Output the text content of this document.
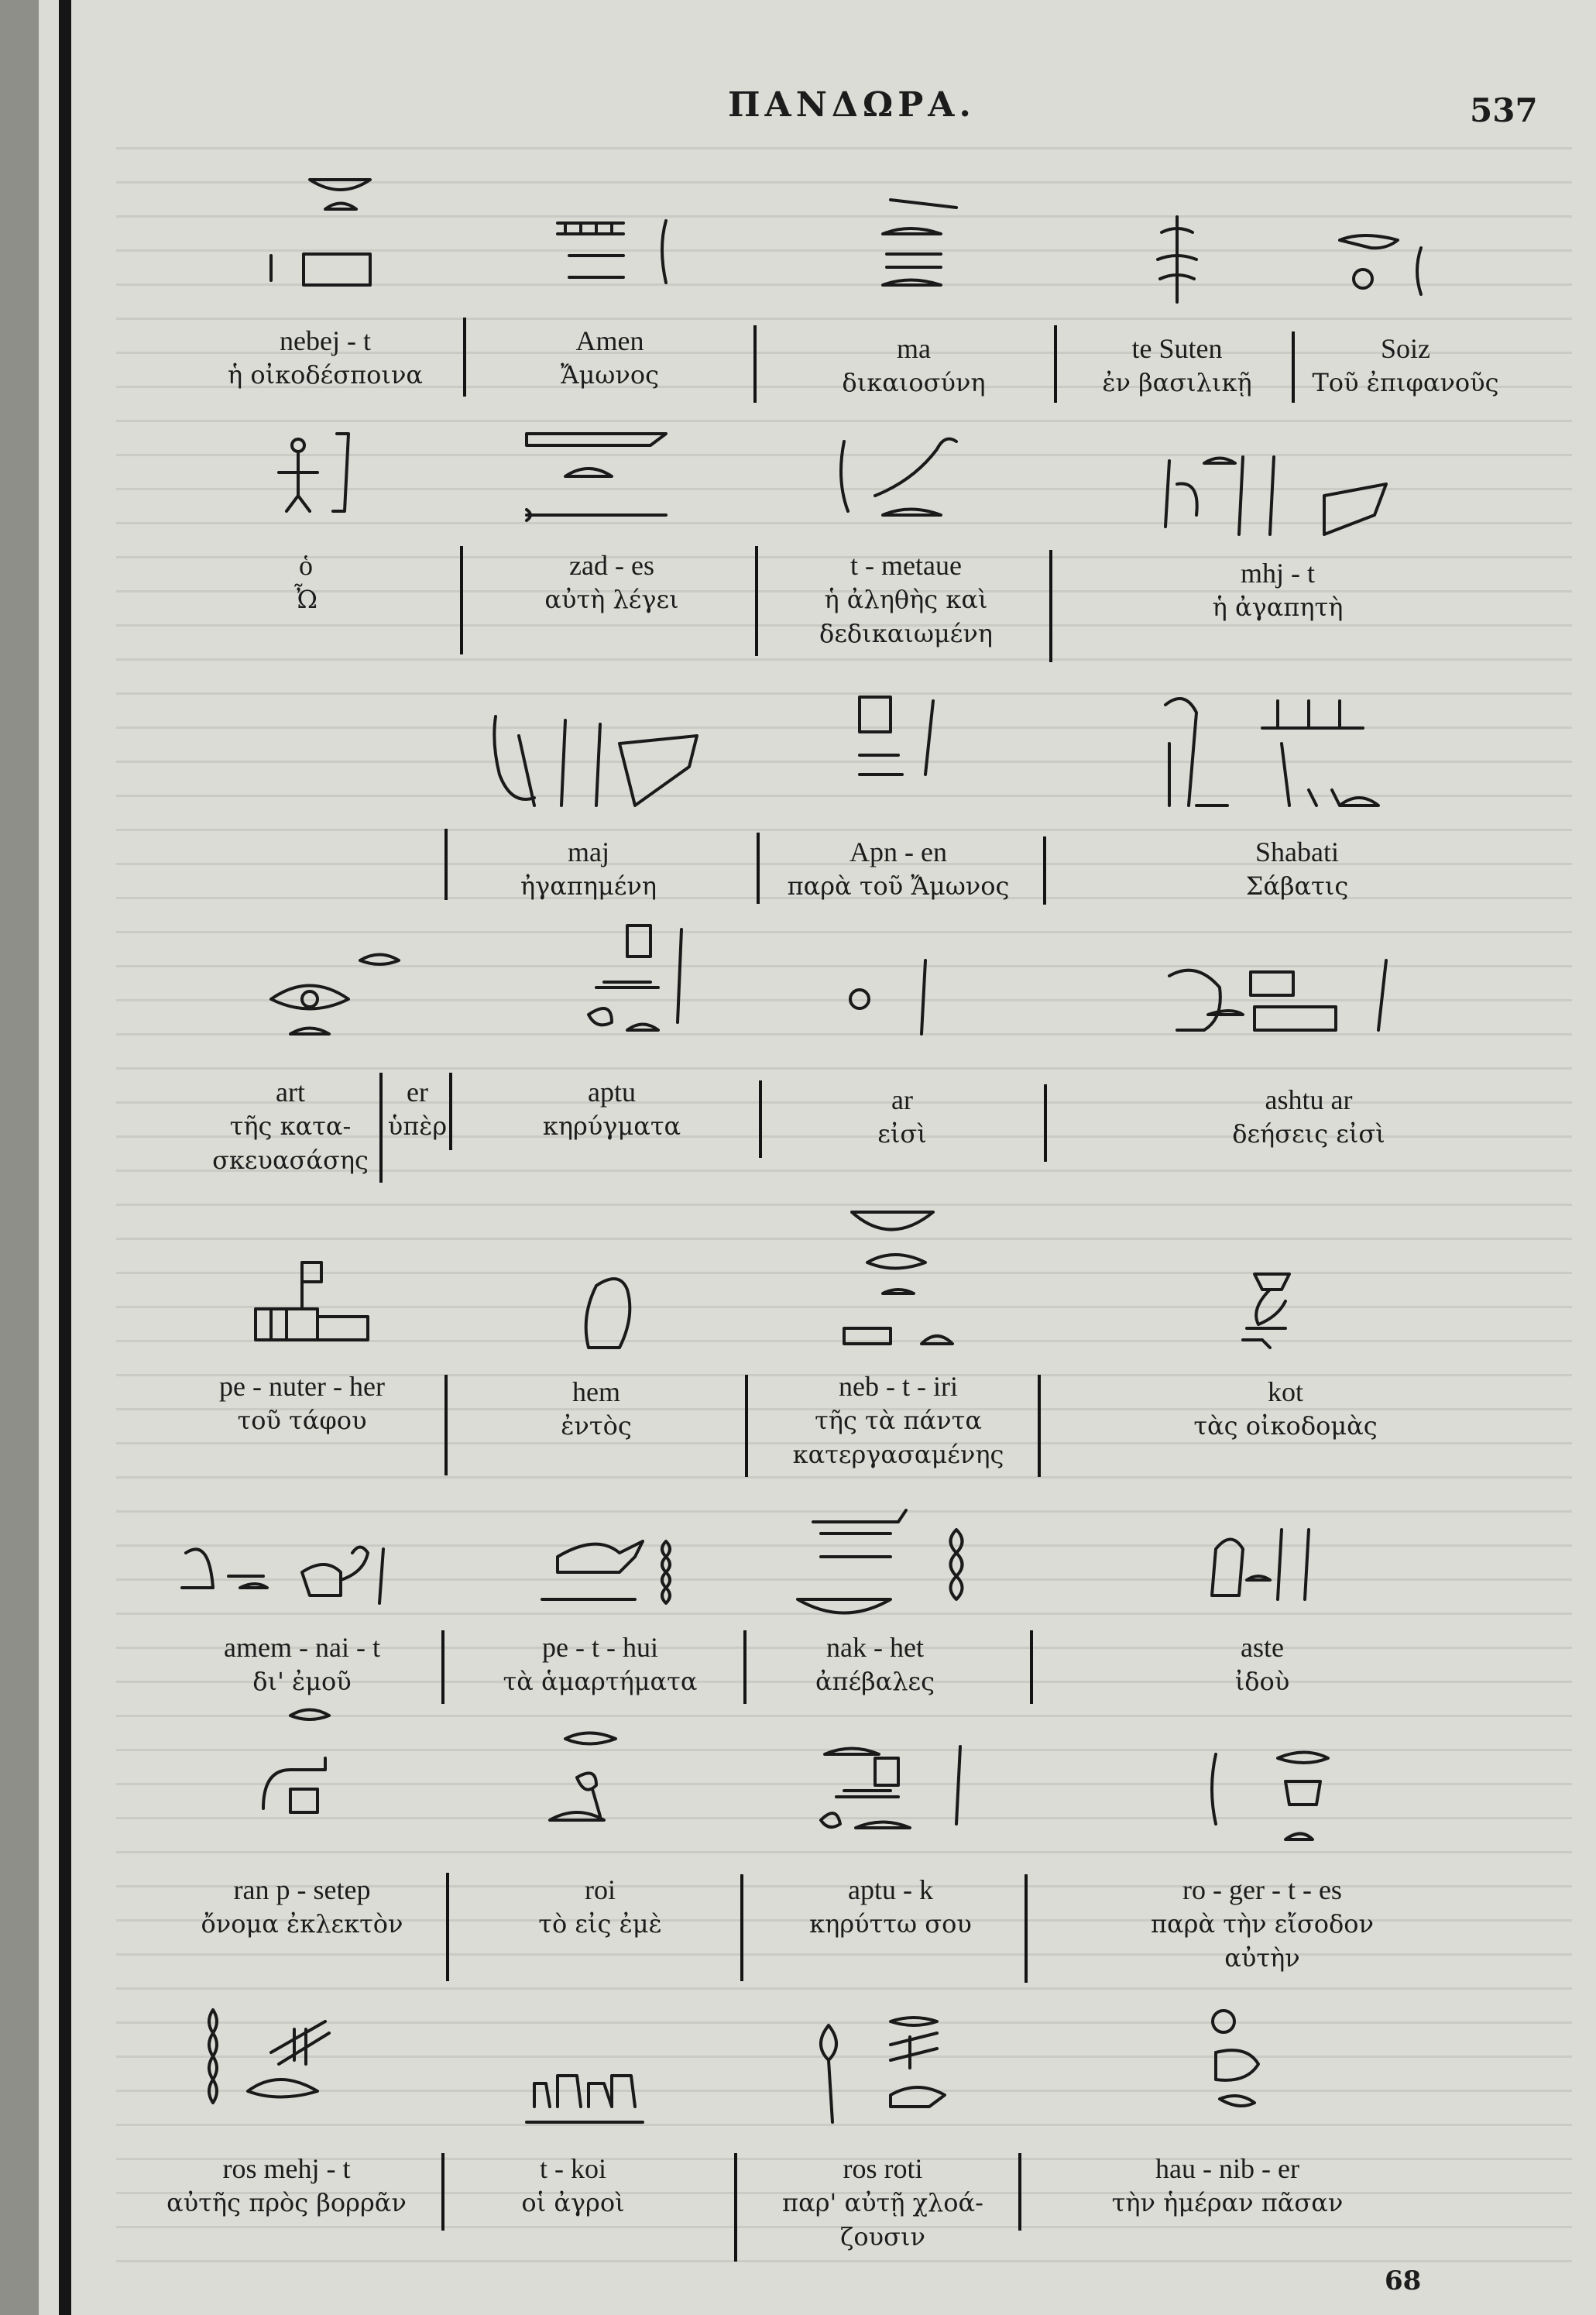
ΠΑΝΔΩΡΑ.	537
nebej - t
ἡ οἰκοδέσποινα
Amen
Ἄμωνος
ma
δικαιοσύνη
te Suten
ἐν βασιλικῇ
Soiz
Τοῦ ἐπιφανοῦς
ὁ
Ὦ
zad - es
αὐτὴ λέγει
t - metaue
ἡ ἀληθὴς καὶ
δεδικαιωμένη
mhj - t
ἡ ἀγαπητὴ
maj
ἠγαπημένη
Apn - en
παρὰ τοῦ Ἄμωνος
Shabati
Σάβατις
art
τῆς κατα-
σκευασάσης
er
ὑπὲρ
aptu
κηρύγματα
ar
εἰσὶ
ashtu ar
δεήσεις εἰσὶ
pe - nuter - her
τοῦ τάφου
hem
ἐντὸς
neb - t - iri
τῆς τὰ πάντα
κατεργασαμένης
kot
τὰς οἰκοδομὰς
amem - nai - t
δι' ἐμοῦ
pe - t - hui
τὰ ἁμαρτήματα
nak - het
ἀπέβαλες
aste
ἰδοὺ
ran p - setep
ὄνομα ἐκλεκτὸν
roi
τὸ εἰς ἐμὲ
aptu - k
κηρύττω σου
ro - ger - t - es
παρὰ τὴν εἴσοδον
αὐτὴν
ros mehj - t
αὐτῆς πρὸς βορρᾶν
t - koi
οἱ ἀγροὶ
ros roti
παρ' αὐτῇ χλοά-
ζουσιν
hau - nib - er
τὴν ἡμέραν πᾶσαν
68
